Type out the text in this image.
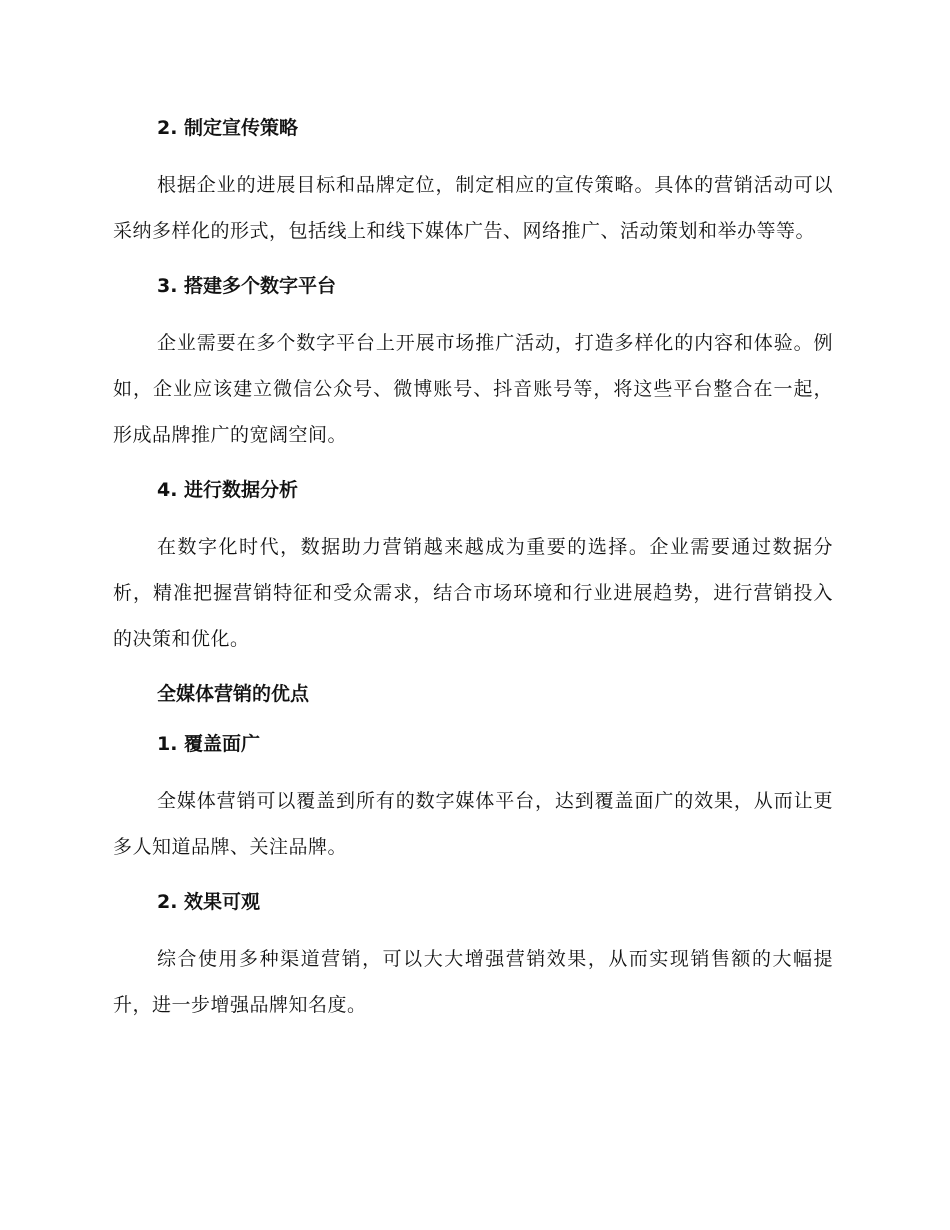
2. 制定宣传策略

根据企业的进展目标和品牌定位，制定相应的宣传策略。具体的营销活动可以采纳多样化的形式，包括线上和线下媒体广告、网络推广、活动策划和举办等等。

3. 搭建多个数字平台

企业需要在多个数字平台上开展市场推广活动，打造多样化的内容和体验。例如，企业应该建立微信公众号、微博账号、抖音账号等，将这些平台整合在一起，形成品牌推广的宽阔空间。

4. 进行数据分析

在数字化时代，数据助力营销越来越成为重要的选择。企业需要通过数据分析，精准把握营销特征和受众需求，结合市场环境和行业进展趋势，进行营销投入的决策和优化。

全媒体营销的优点
1. 覆盖面广

全媒体营销可以覆盖到所有的数字媒体平台，达到覆盖面广的效果，从而让更多人知道品牌、关注品牌。

2. 效果可观

综合使用多种渠道营销，可以大大增强营销效果，从而实现销售额的大幅提升，进一步增强品牌知名度。
